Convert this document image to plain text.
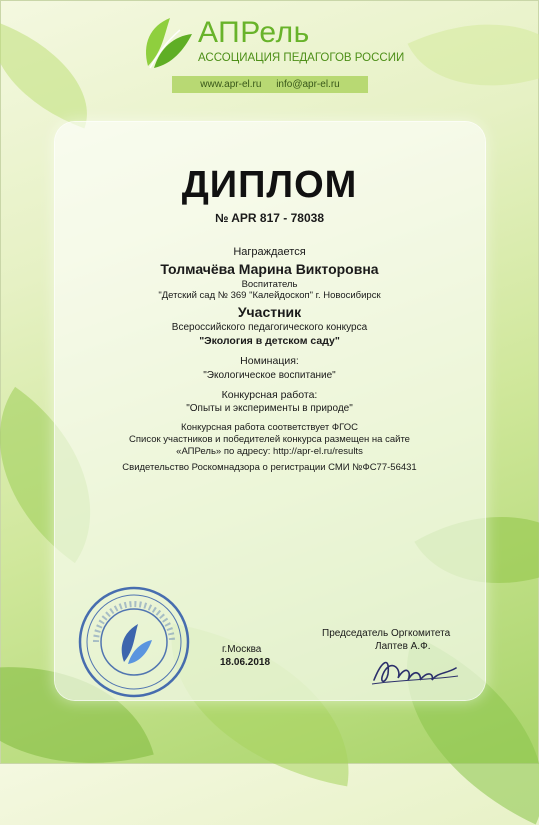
АПРель
АССОЦИАЦИЯ ПЕДАГОГОВ РОССИИ
www.apr-el.ru info@apr-el.ru
ДИПЛОМ
№ APR 817 - 78038
Награждается
Толмачёва Марина Викторовна
Воспитатель
"Детский сад № 369 "Калейдоскоп" г. Новосибирск
Участник
Всероссийского педагогического конкурса
"Экология в детском саду"
Номинация:
"Экологическое воспитание"
Конкурсная работа:
"Опыты и эксперименты в природе"
Конкурсная работа соответствует ФГОС
Список участников и победителей конкурса размещен на сайте
«АПРель» по адресу: http://apr-el.ru/results
Свидетельство Роскомнадзора о регистрации СМИ №ФС77-56431
г.Москва
18.06.2018
Председатель Оргкомитета
Лаптев А.Ф.
